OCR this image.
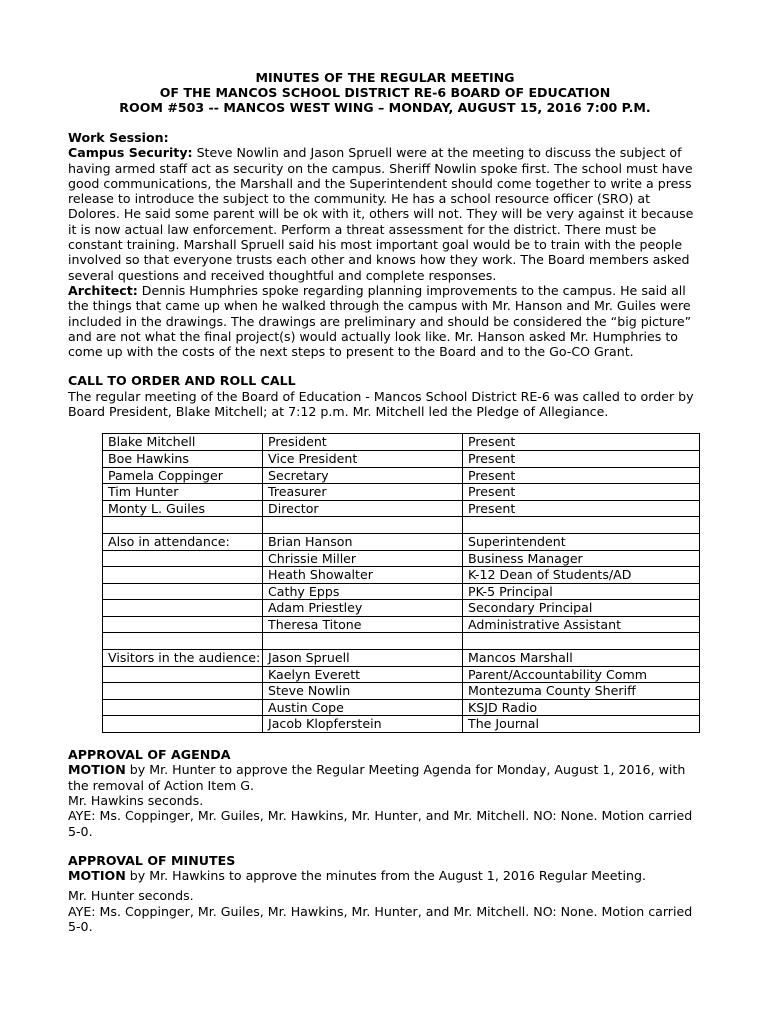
MINUTES OF THE REGULAR MEETING
OF THE MANCOS SCHOOL DISTRICT RE-6 BOARD OF EDUCATION
ROOM #503 -- MANCOS WEST WING – MONDAY, AUGUST 15, 2016 7:00 P.M.

Work Session:

Campus Security: Steve Nowlin and Jason Spruell were at the meeting to discuss the subject of having armed staff act as security on the campus. Sheriff Nowlin spoke first. The school must have good communications, the Marshall and the Superintendent should come together to write a press release to introduce the subject to the community. He has a school resource officer (SRO) at Dolores. He said some parent will be ok with it, others will not. They will be very against it because it is now actual law enforcement. Perform a threat assessment for the district. There must be constant training. Marshall Spruell said his most important goal would be to train with the people involved so that everyone trusts each other and knows how they work. The Board members asked several questions and received thoughtful and complete responses.

Architect: Dennis Humphries spoke regarding planning improvements to the campus. He said all the things that came up when he walked through the campus with Mr. Hanson and Mr. Guiles were included in the drawings. The drawings are preliminary and should be considered the “big picture” and are not what the final project(s) would actually look like. Mr. Hanson asked Mr. Humphries to come up with the costs of the next steps to present to the Board and to the Go-CO Grant.

CALL TO ORDER AND ROLL CALL

The regular meeting of the Board of Education - Mancos School District RE-6 was called to order by Board President, Blake Mitchell; at 7:12 p.m. Mr. Mitchell led the Pledge of Allegiance.

Blake Mitchell	President	Present
Boe Hawkins	Vice President	Present
Pamela Coppinger	Secretary	Present
Tim Hunter	Treasurer	Present
Monty L. Guiles	Director	Present

Also in attendance:	Brian Hanson	Superintendent
	Chrissie Miller	Business Manager
	Heath Showalter	K-12 Dean of Students/AD
	Cathy Epps	PK-5 Principal
	Adam Priestley	Secondary Principal
	Theresa Titone	Administrative Assistant

Visitors in the audience:	Jason Spruell	Mancos Marshall
	Kaelyn Everett	Parent/Accountability Comm
	Steve Nowlin	Montezuma County Sheriff
	Austin Cope	KSJD Radio
	Jacob Klopferstein	The Journal

APPROVAL OF AGENDA

MOTION by Mr. Hunter to approve the Regular Meeting Agenda for Monday, August 1, 2016, with the removal of Action Item G.

Mr. Hawkins seconds.

AYE: Ms. Coppinger, Mr. Guiles, Mr. Hawkins, Mr. Hunter, and Mr. Mitchell. NO: None. Motion carried 5-0.

APPROVAL OF MINUTES

MOTION by Mr. Hawkins to approve the minutes from the August 1, 2016 Regular Meeting.

Mr. Hunter seconds.

AYE: Ms. Coppinger, Mr. Guiles, Mr. Hawkins, Mr. Hunter, and Mr. Mitchell. NO: None. Motion carried 5-0.
